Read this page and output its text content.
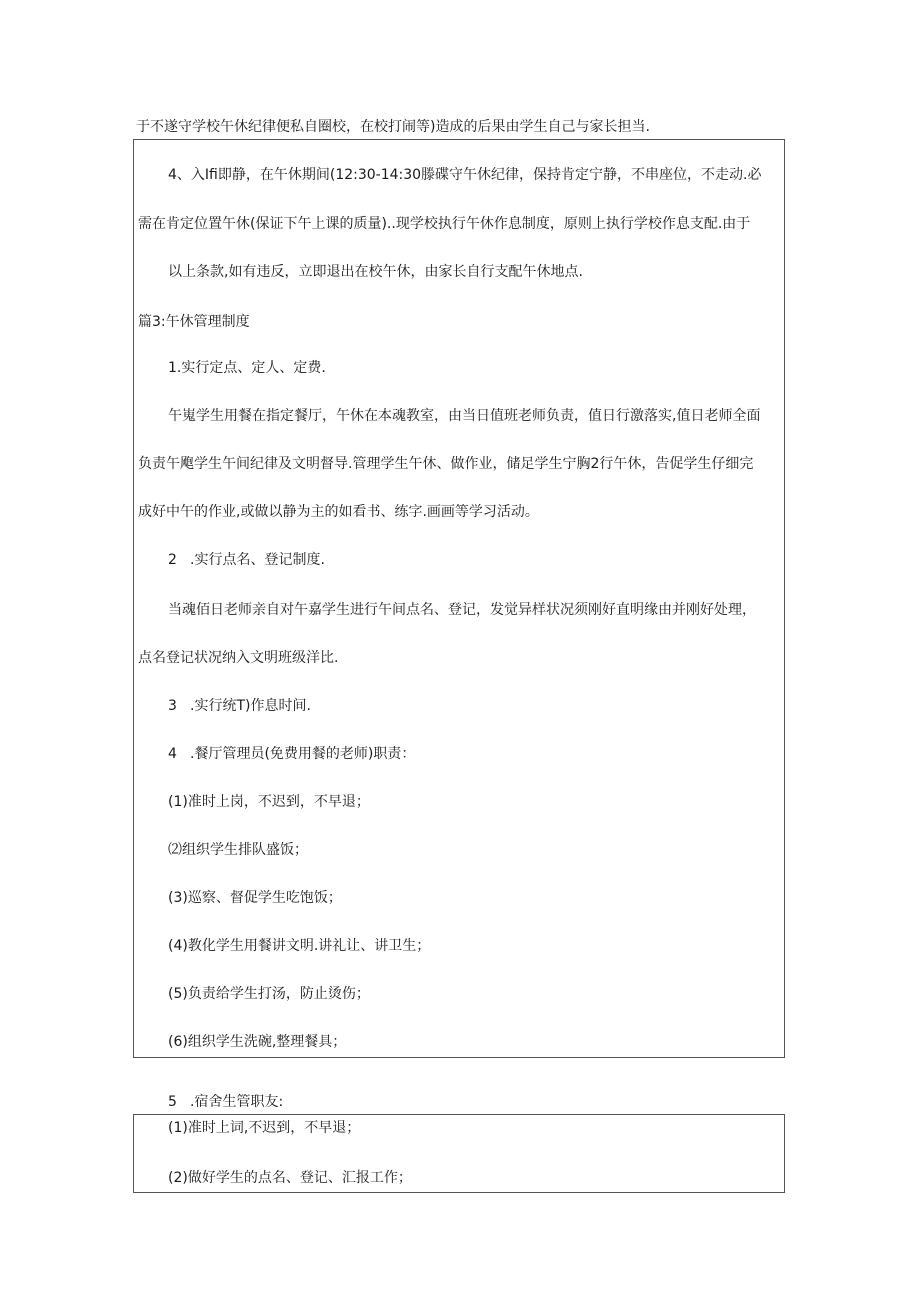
于不遂守学校午休纪律便私自圈校，在校打闹等)造成的后果由学生自己与家长担当.
4、入Ifi即静，在午休期间(12:30-14:30滕碟守午休纪律，保持肯定宁静，不串座位，不走动.必
需在肯定位置午休(保证下午上课的质量)..现学校执行午休作息制度，原则上执行学校作息支配.由于
以上条款,如有违反，立即退出在校午休，由家长自行支配午休地点.
篇3:午休管理制度
1.实行定点、定人、定费.
午嵬学生用餐在指定餐厅，午休在本魂教室，由当日值班老师负责，值日行激落实,值日老师全面
负责午飑学生午间纪律及文明督导.管理学生午休、做作业，储足学生宁胸2行午休，告促学生仔细完
成好中午的作业,或做以静为主的如看书、练字.画画等学习活动。
2 .实行点名、登记制度.
当魂佰日老师亲自对午嘉学生进行午间点名、登记，发觉异样状况须刚好直明缘由并刚好处理，
点名登记状况纳入文明班级洋比.
3 .实行统T)作息时间.
4 .餐厅管理员(免费用餐的老师)职责：
(1)准时上岗，不迟到，不早退；
⑵组织学生排队盛饭；
(3)巡察、督促学生吃饱饭；
(4)教化学生用餐讲文明.讲礼让、讲卫生；
(5)负责给学生打汤，防止烫伤；
(6)组织学生洗碗,整理餐具；
5 .宿舍生管职友:
(1)准时上词,不迟到，不早退；
(2)做好学生的点名、登记、汇报工作；
